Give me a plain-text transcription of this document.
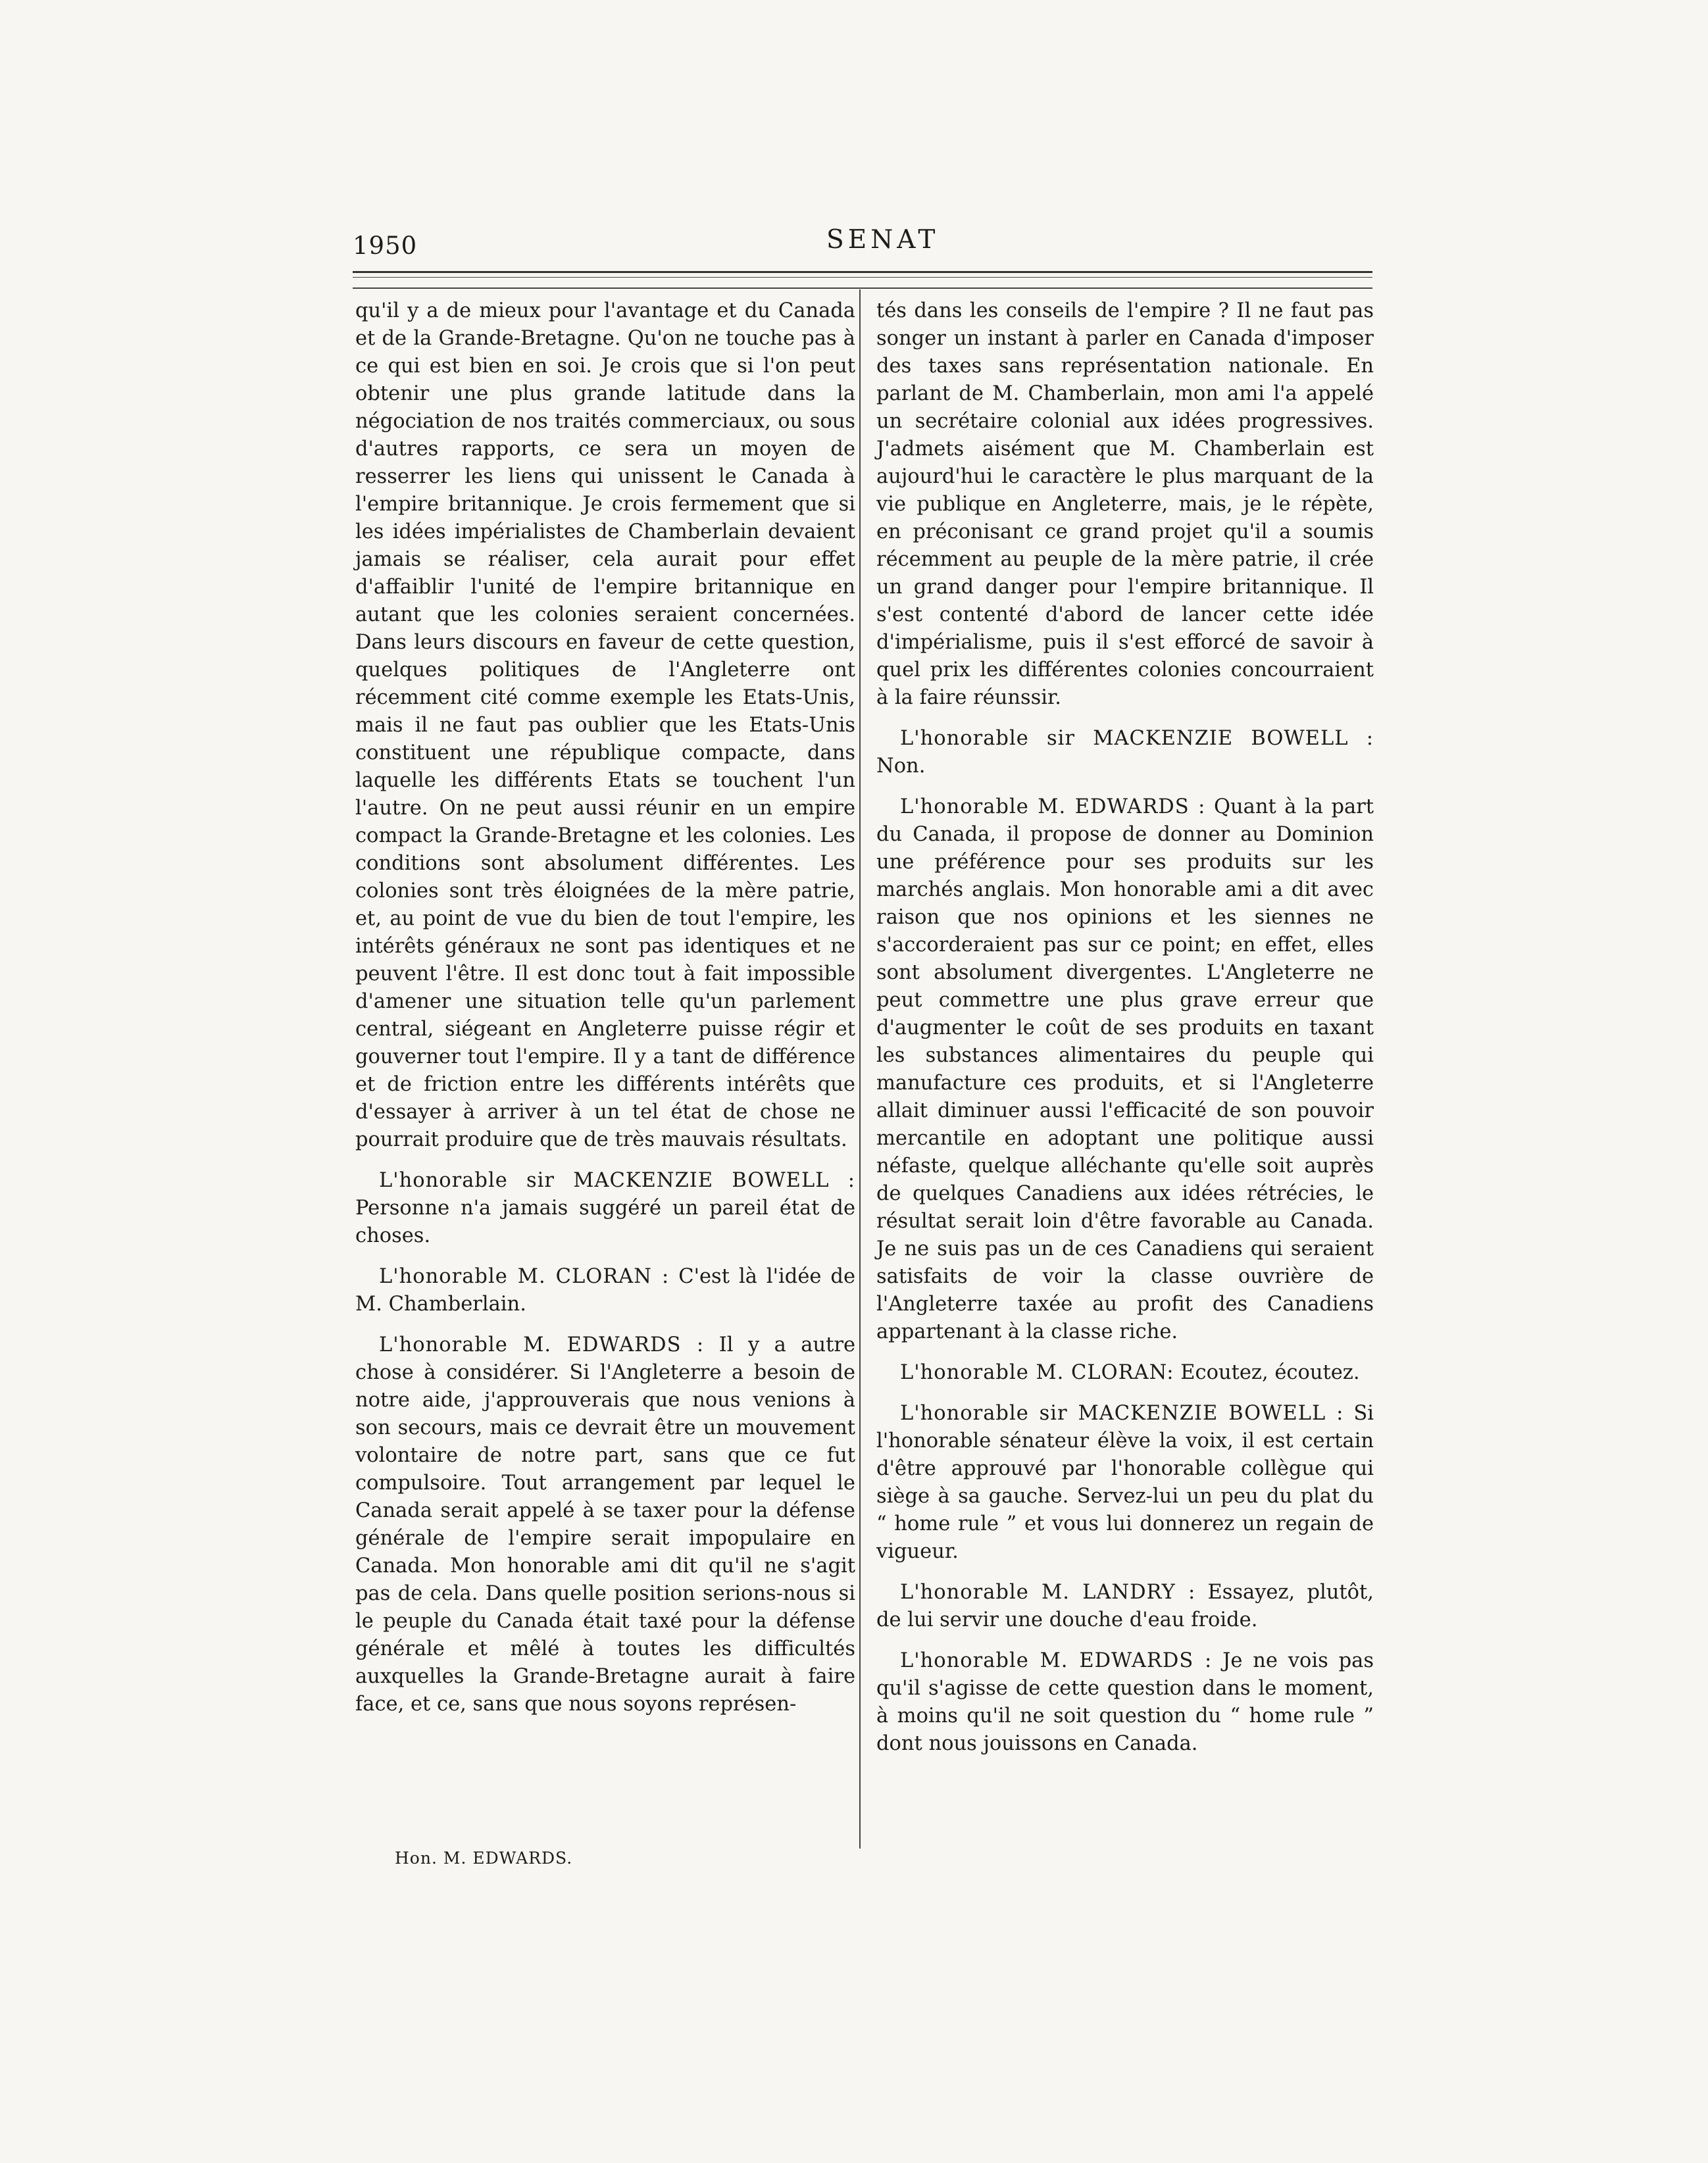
1950	SENAT

qu'il y a de mieux pour l'avantage et du Canada et de la Grande-Bretagne. Qu'on ne touche pas à ce qui est bien en soi. Je crois que si l'on peut obtenir une plus grande latitude dans la négociation de nos traités commerciaux, ou sous d'autres rapports, ce sera un moyen de resserrer les liens qui unissent le Canada à l'empire britannique. Je crois fermement que si les idées impérialistes de Chamberlain devaient jamais se réaliser, cela aurait pour effet d'affaiblir l'unité de l'empire britannique en autant que les colonies seraient concernées. Dans leurs discours en faveur de cette question, quelques politiques de l'Angleterre ont récemment cité comme exemple les Etats-Unis, mais il ne faut pas oublier que les Etats-Unis constituent une république compacte, dans laquelle les différents Etats se touchent l'un l'autre. On ne peut aussi réunir en un empire compact la Grande-Bretagne et les colonies. Les conditions sont absolument différentes. Les colonies sont très éloignées de la mère patrie, et, au point de vue du bien de tout l'empire, les intérêts généraux ne sont pas identiques et ne peuvent l'être. Il est donc tout à fait impossible d'amener une situation telle qu'un parlement central, siégeant en Angleterre puisse régir et gouverner tout l'empire. Il y a tant de différence et de friction entre les différents intérêts que d'essayer à arriver à un tel état de chose ne pourrait produire que de très mauvais résultats.

L'honorable sir MACKENZIE BOWELL : Personne n'a jamais suggéré un pareil état de choses.

L'honorable M. CLORAN : C'est là l'idée de M. Chamberlain.

L'honorable M. EDWARDS : Il y a autre chose à considérer. Si l'Angleterre a besoin de notre aide, j'approuverais que nous venions à son secours, mais ce devrait être un mouvement volontaire de notre part, sans que ce fut compulsoire. Tout arrangement par lequel le Canada serait appelé à se taxer pour la défense générale de l'empire serait impopulaire en Canada. Mon honorable ami dit qu'il ne s'agit pas de cela. Dans quelle position serions-nous si le peuple du Canada était taxé pour la défense générale et mêlé à toutes les difficultés auxquelles la Grande-Bretagne aurait à faire face, et ce, sans que nous soyons représen-

tés dans les conseils de l'empire ? Il ne faut pas songer un instant à parler en Canada d'imposer des taxes sans représentation nationale. En parlant de M. Chamberlain, mon ami l'a appelé un secrétaire colonial aux idées progressives. J'admets aisément que M. Chamberlain est aujourd'hui le caractère le plus marquant de la vie publique en Angleterre, mais, je le répète, en préconisant ce grand projet qu'il a soumis récemment au peuple de la mère patrie, il crée un grand danger pour l'empire britannique. Il s'est contenté d'abord de lancer cette idée d'impérialisme, puis il s'est efforcé de savoir à quel prix les différentes colonies concourraient à la faire réunssir.

L'honorable sir MACKENZIE BOWELL : Non.

L'honorable M. EDWARDS : Quant à la part du Canada, il propose de donner au Dominion une préférence pour ses produits sur les marchés anglais. Mon honorable ami a dit avec raison que nos opinions et les siennes ne s'accorderaient pas sur ce point; en effet, elles sont absolument divergentes. L'Angleterre ne peut commettre une plus grave erreur que d'augmenter le coût de ses produits en taxant les substances alimentaires du peuple qui manufacture ces produits, et si l'Angleterre allait diminuer aussi l'efficacité de son pouvoir mercantile en adoptant une politique aussi néfaste, quelque alléchante qu'elle soit auprès de quelques Canadiens aux idées rétrécies, le résultat serait loin d'être favorable au Canada. Je ne suis pas un de ces Canadiens qui seraient satisfaits de voir la classe ouvrière de l'Angleterre taxée au profit des Canadiens appartenant à la classe riche.

L'honorable M. CLORAN: Ecoutez, écoutez.

L'honorable sir MACKENZIE BOWELL : Si l'honorable sénateur élève la voix, il est certain d'être approuvé par l'honorable collègue qui siège à sa gauche. Servez-lui un peu du plat du “ home rule ” et vous lui donnerez un regain de vigueur.

L'honorable M. LANDRY : Essayez, plutôt, de lui servir une douche d'eau froide.

L'honorable M. EDWARDS : Je ne vois pas qu'il s'agisse de cette question dans le moment, à moins qu'il ne soit question du “ home rule ” dont nous jouissons en Canada.

Hon. M. EDWARDS.
